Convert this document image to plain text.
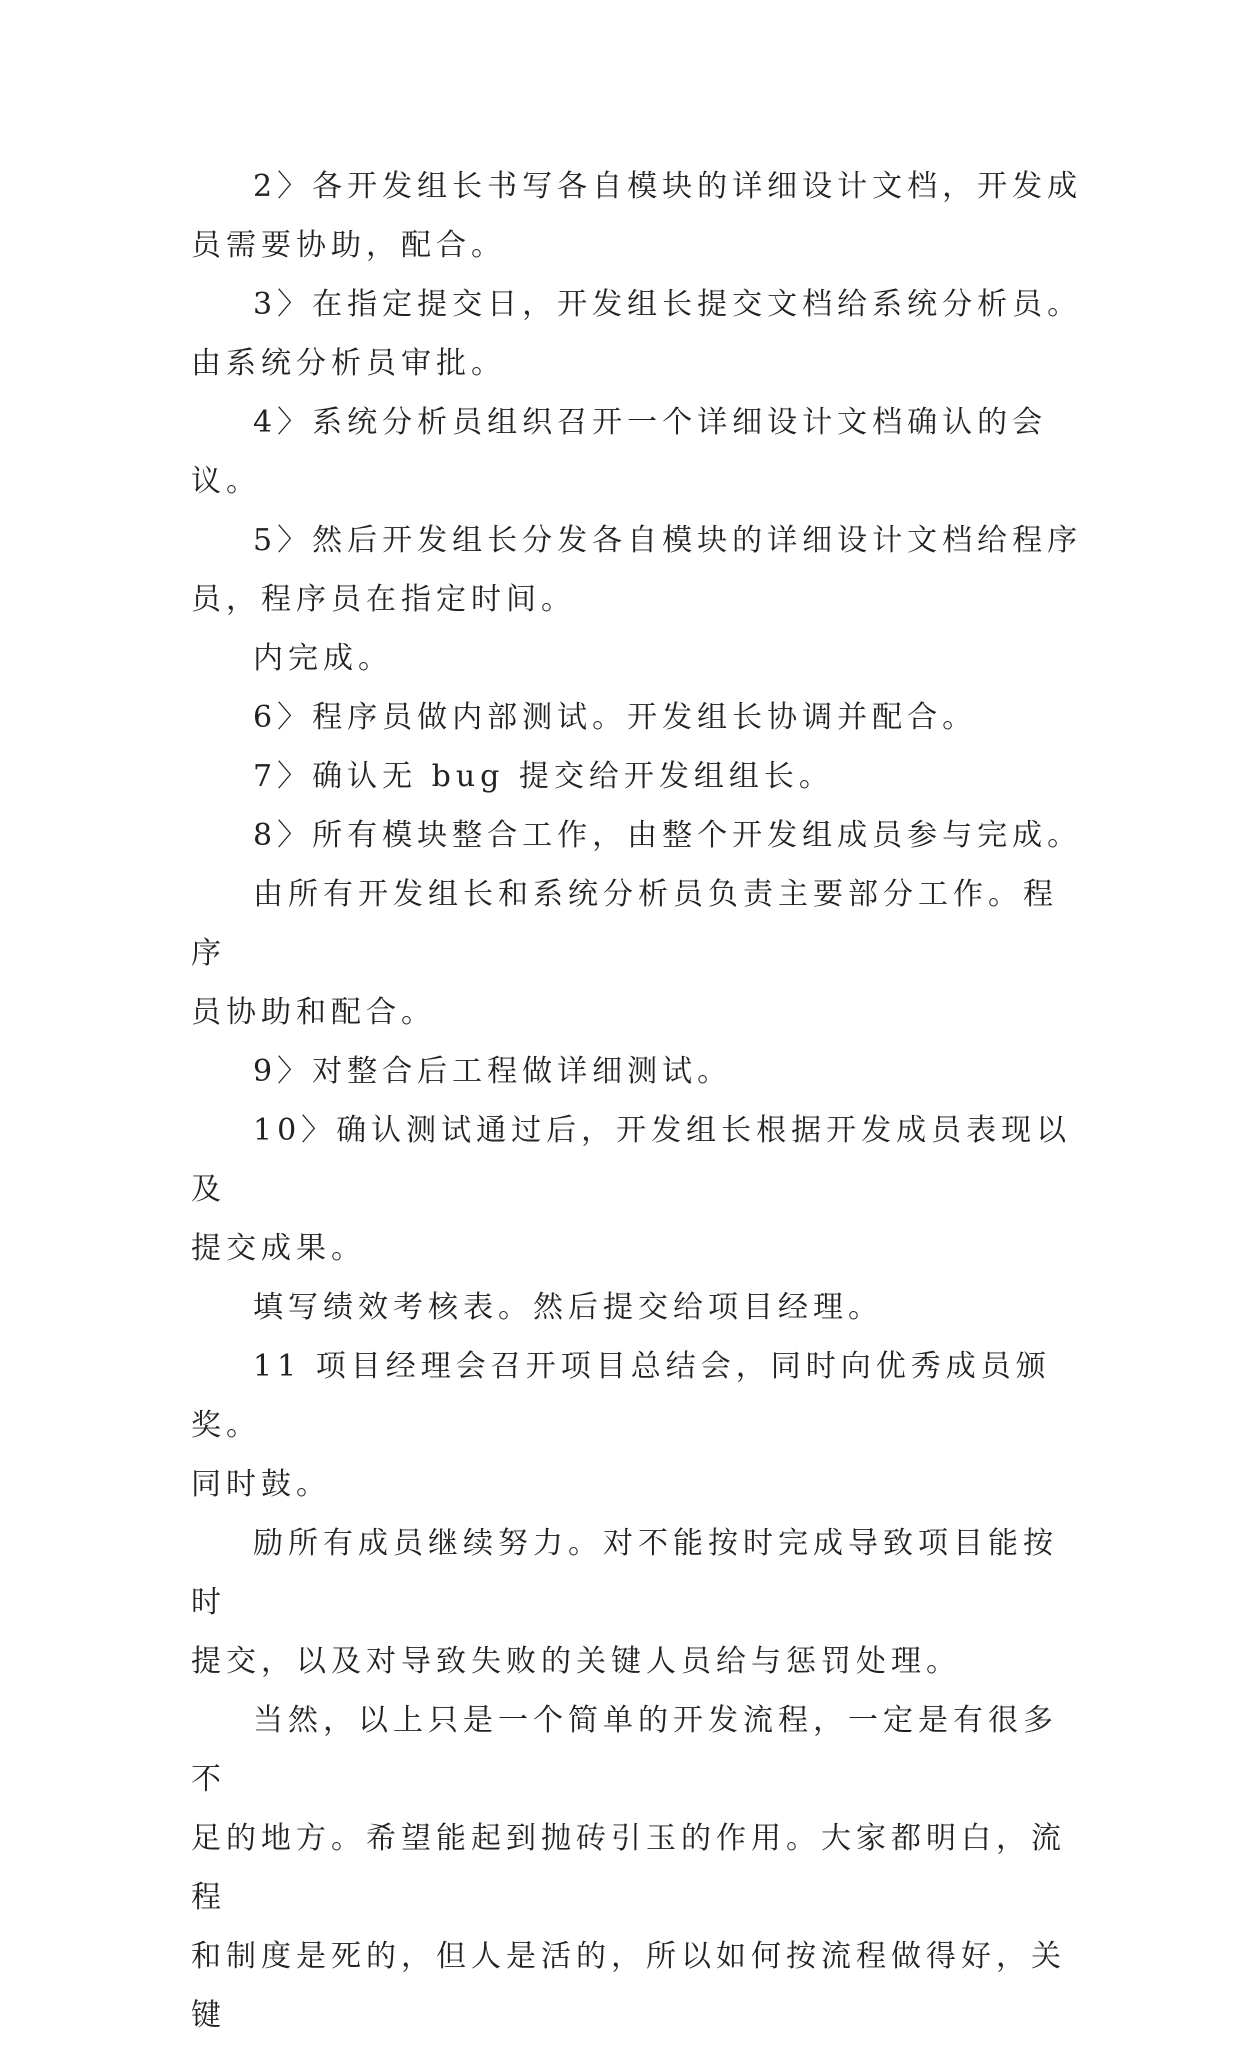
2〉各开发组长书写各自模块的详细设计文档，开发成
员需要协助，配合。

3〉在指定提交日，开发组长提交文档给系统分析员。
由系统分析员审批。

4〉系统分析员组织召开一个详细设计文档确认的会议。

5〉然后开发组长分发各自模块的详细设计文档给程序
员，程序员在指定时间。

内完成。

6〉程序员做内部测试。开发组长协调并配合。

7〉确认无 bug 提交给开发组组长。

8〉所有模块整合工作，由整个开发组成员参与完成。

由所有开发组长和系统分析员负责主要部分工作。程序
员协助和配合。

9〉对整合后工程做详细测试。

10〉确认测试通过后，开发组长根据开发成员表现以及
提交成果。

填写绩效考核表。然后提交给项目经理。

11 项目经理会召开项目总结会，同时向优秀成员颁奖。
同时鼓。

励所有成员继续努力。对不能按时完成导致项目能按时
提交，以及对导致失败的关键人员给与惩罚处理。

当然，以上只是一个简单的开发流程，一定是有很多不
足的地方。希望能起到抛砖引玉的作用。大家都明白，流程
和制度是死的，但人是活的，所以如何按流程做得好，关键
